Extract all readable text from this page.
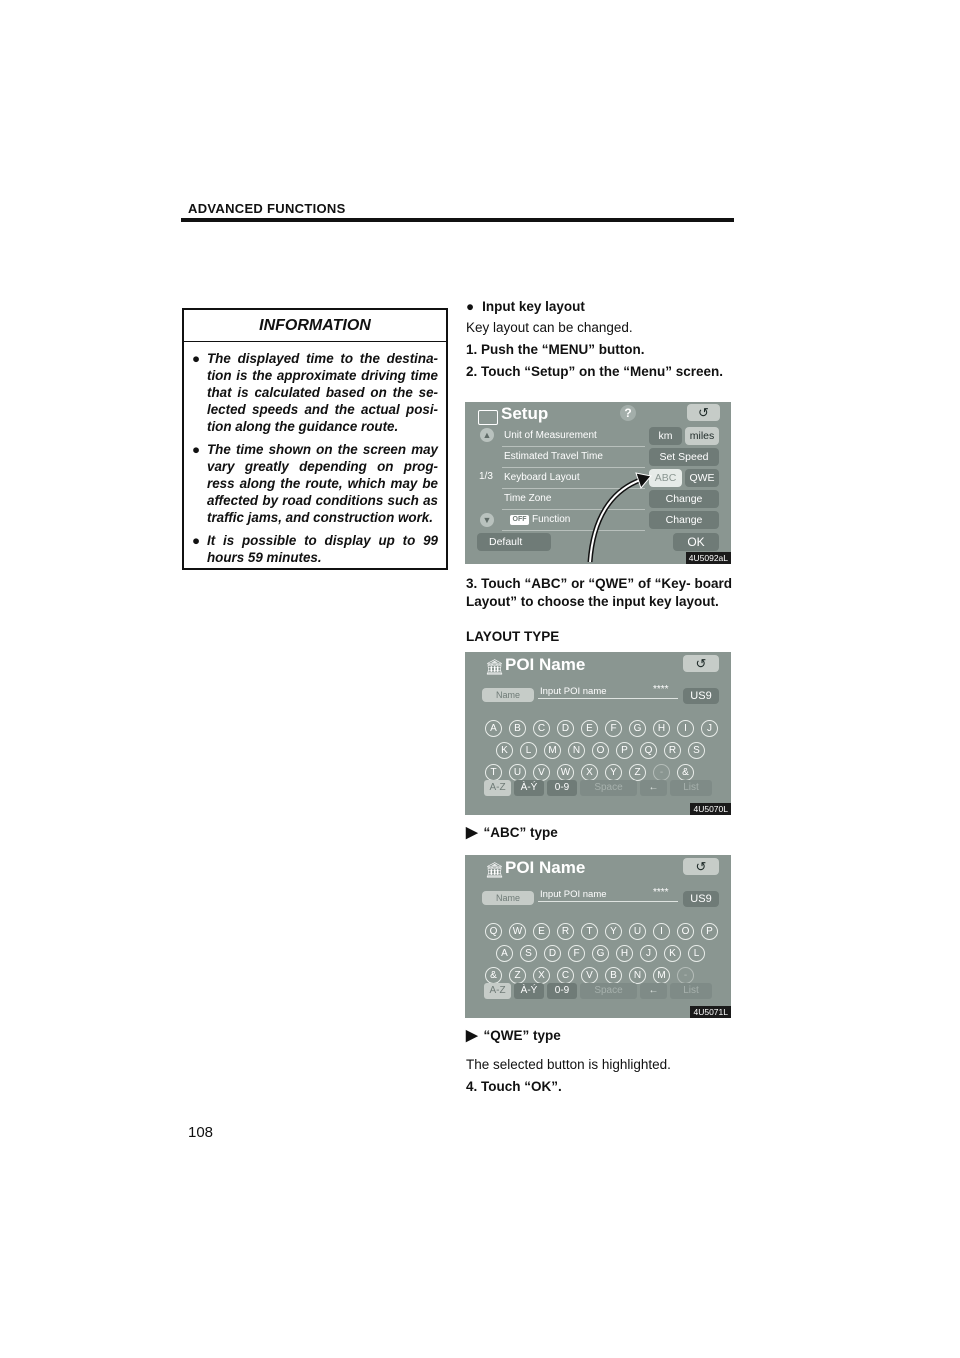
ADVANCED FUNCTIONS
INFORMATION
● The displayed time to the destina- tion is the approximate driving time that is calculated based on the se- lected speeds and the actual posi- tion along the guidance route.
● The time shown on the screen may vary greatly depending on prog- ress along the route, which may be affected by road conditions such as traffic jams, and construction work.
● It is possible to display up to 99 hours 59 minutes.
● Input key layout
Key layout can be changed.
1. Push the “MENU” button.
2. Touch “Setup” on the “Menu” screen.
Setup	?	↺
▲
1/3
▼
Unit of Measurement	km	miles
Estimated Travel Time	Set Speed
Keyboard Layout	ABC	QWE
Time Zone	Change
OFF Function	Change
Default	OK
4U5092aL
3. Touch “ABC” or “QWE” of “Key- board Layout” to choose the input key layout.
LAYOUT TYPE
🏛 POI Name	↺
Name	Input POI name	****
US9
A	B	C	D	E	F	G	H	I	J
K	L	M	N	O	P	Q	R	S
T	U	V	W	X	Y	Z	-	&
A-Z	À-Ý	0-9	Space	←	List
4U5070L
▶ “ABC” type
🏛 POI Name	↺
Name	Input POI name	****
US9
Q	W	E	R	T	Y	U	I	O	P
A	S	D	F	G	H	J	K	L
&	Z	X	C	V	B	N	M	-
A-Z	À-Ý	0-9	Space	←	List
4U5071L
▶ “QWE” type
The selected button is highlighted.
4. Touch “OK”.
108
